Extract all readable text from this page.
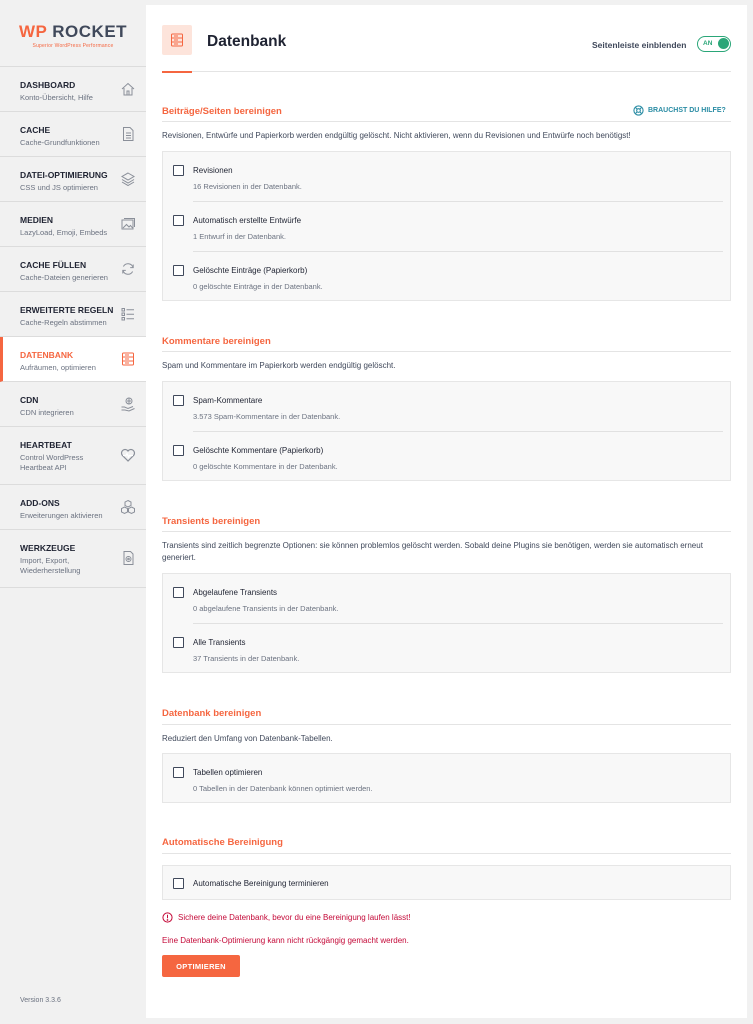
WP ROCKET
Superior WordPress Performance
DASHBOARD
Konto-Übersicht, Hilfe
CACHE
Cache-Grundfunktionen
DATEI-OPTIMIERUNG
CSS und JS optimieren
MEDIEN
LazyLoad, Emoji, Embeds
CACHE FÜLLEN
Cache-Dateien generieren
ERWEITERTE REGELN
Cache-Regeln abstimmen
DATENBANK
Aufräumen, optimieren
CDN
CDN integrieren
HEARTBEAT
Control WordPress Heartbeat API
ADD-ONS
Erweiterungen aktivieren
WERKZEUGE
Import, Export, Wiederherstellung
Version 3.3.6
Datenbank	Seitenleiste einblenden	AN
Beiträge/Seiten bereinigen	BRAUCHST DU HILFE?
Revisionen, Entwürfe und Papierkorb werden endgültig gelöscht. Nicht aktivieren, wenn du Revisionen und Entwürfe noch benötigst!
Revisionen
16 Revisionen in der Datenbank.
Automatisch erstellte Entwürfe
1 Entwurf in der Datenbank.
Gelöschte Einträge (Papierkorb)
0 gelöschte Einträge in der Datenbank.
Kommentare bereinigen
Spam und Kommentare im Papierkorb werden endgültig gelöscht.
Spam-Kommentare
3.573 Spam-Kommentare in der Datenbank.
Gelöschte Kommentare (Papierkorb)
0 gelöschte Kommentare in der Datenbank.
Transients bereinigen
Transients sind zeitlich begrenzte Optionen: sie können problemlos gelöscht werden. Sobald deine Plugins sie benötigen, werden sie automatisch erneut generiert.
Abgelaufene Transients
0 abgelaufene Transients in der Datenbank.
Alle Transients
37 Transients in der Datenbank.
Datenbank bereinigen
Reduziert den Umfang von Datenbank-Tabellen.
Tabellen optimieren
0 Tabellen in der Datenbank können optimiert werden.
Automatische Bereinigung
Automatische Bereinigung terminieren
Sichere deine Datenbank, bevor du eine Bereinigung laufen lässt!
Eine Datenbank-Optimierung kann nicht rückgängig gemacht werden.
OPTIMIEREN
